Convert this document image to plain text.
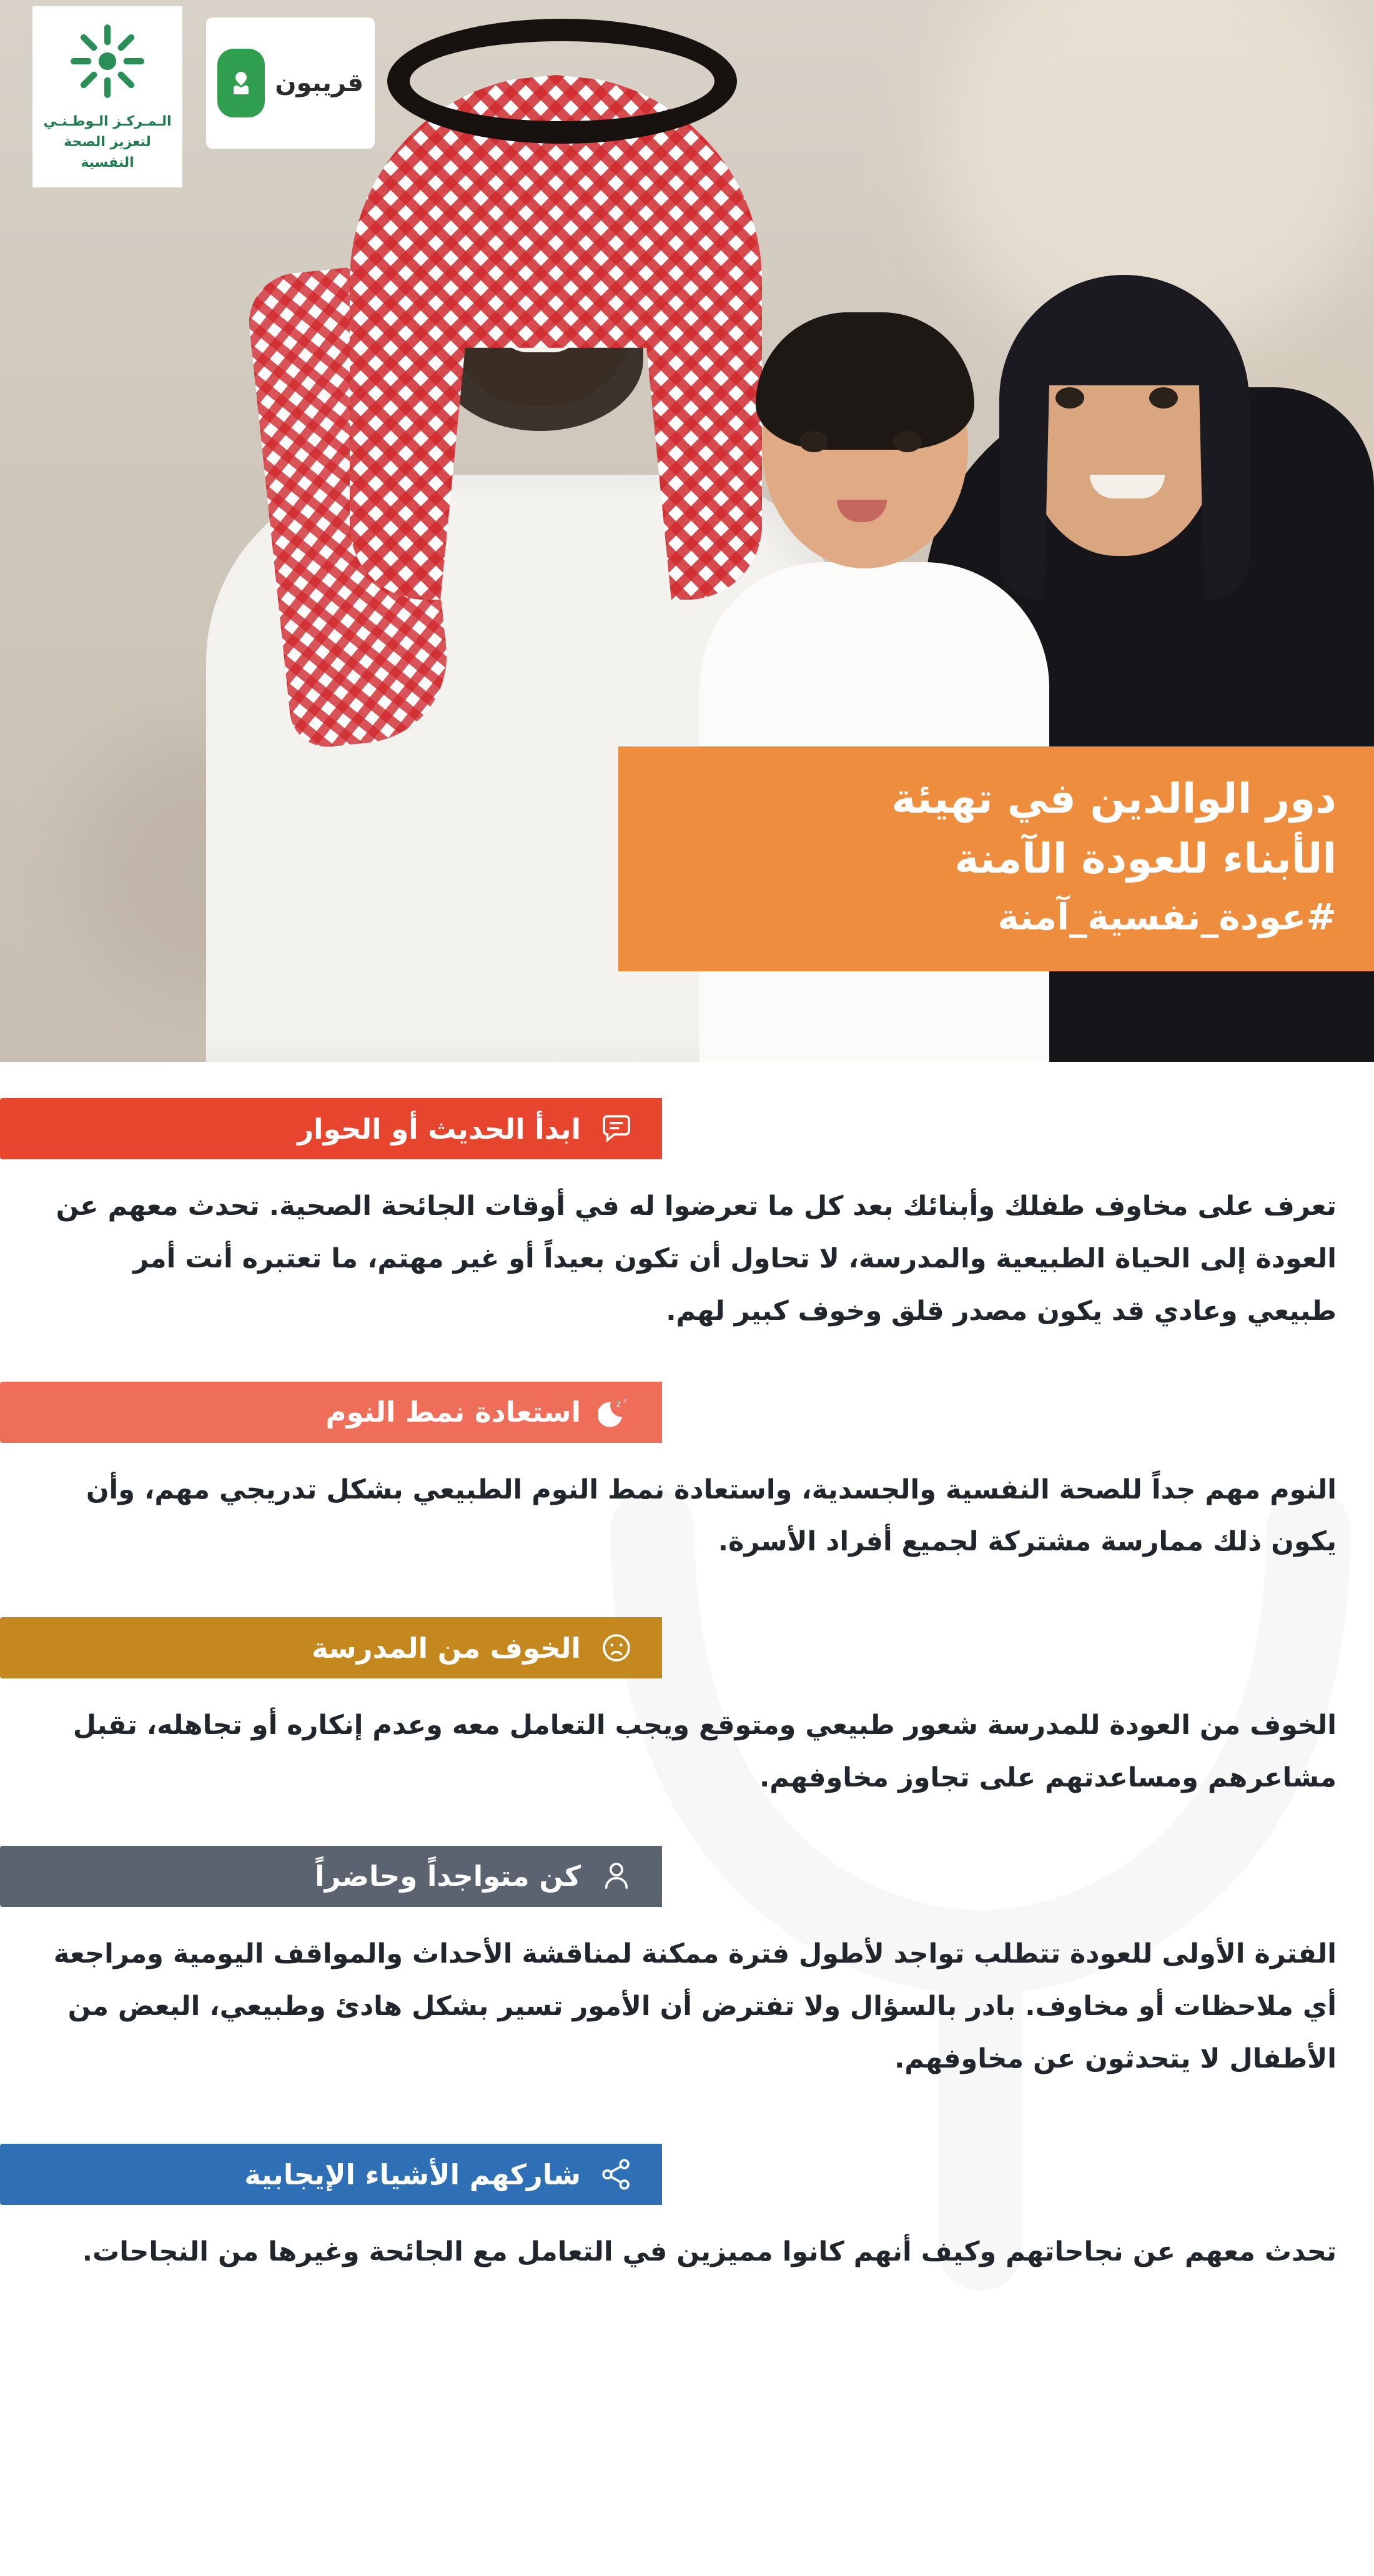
الـمـركـز الـوطـنـي
لتعزيز الصحة النفسية
قريبون
دور الوالدين في تهيئة
الأبناء للعودة الآمنة
#عودة_نفسية_آمنة
ابدأ الحديث أو الحوار

تعرف على مخاوف طفلك وأبنائك بعد كل ما تعرضوا له في أوقات الجائحة الصحية. تحدث معهم عن العودة إلى الحياة الطبيعية والمدرسة، لا تحاول أن تكون بعيداً أو غير مهتم، ما تعتبره أنت أمر طبيعي وعادي قد يكون مصدر قلق وخوف كبير لهم.

z z
استعادة نمط النوم

النوم مهم جداً للصحة النفسية والجسدية، واستعادة نمط النوم الطبيعي بشكل تدريجي مهم، وأن يكون ذلك ممارسة مشتركة لجميع أفراد الأسرة.

الخوف من المدرسة

الخوف من العودة للمدرسة شعور طبيعي ومتوقع ويجب التعامل معه وعدم إنكاره أو تجاهله، تقبل مشاعرهم ومساعدتهم على تجاوز مخاوفهم.

كن متواجداً وحاضراً

الفترة الأولى للعودة تتطلب تواجد لأطول فترة ممكنة لمناقشة الأحداث والمواقف اليومية ومراجعة أي ملاحظات أو مخاوف. بادر بالسؤال ولا تفترض أن الأمور تسير بشكل هادئ وطبيعي، البعض من الأطفال لا يتحدثون عن مخاوفهم.

شاركهم الأشياء الإيجابية

تحدث معهم عن نجاحاتهم وكيف أنهم كانوا مميزين في التعامل مع الجائحة وغيرها من النجاحات.
